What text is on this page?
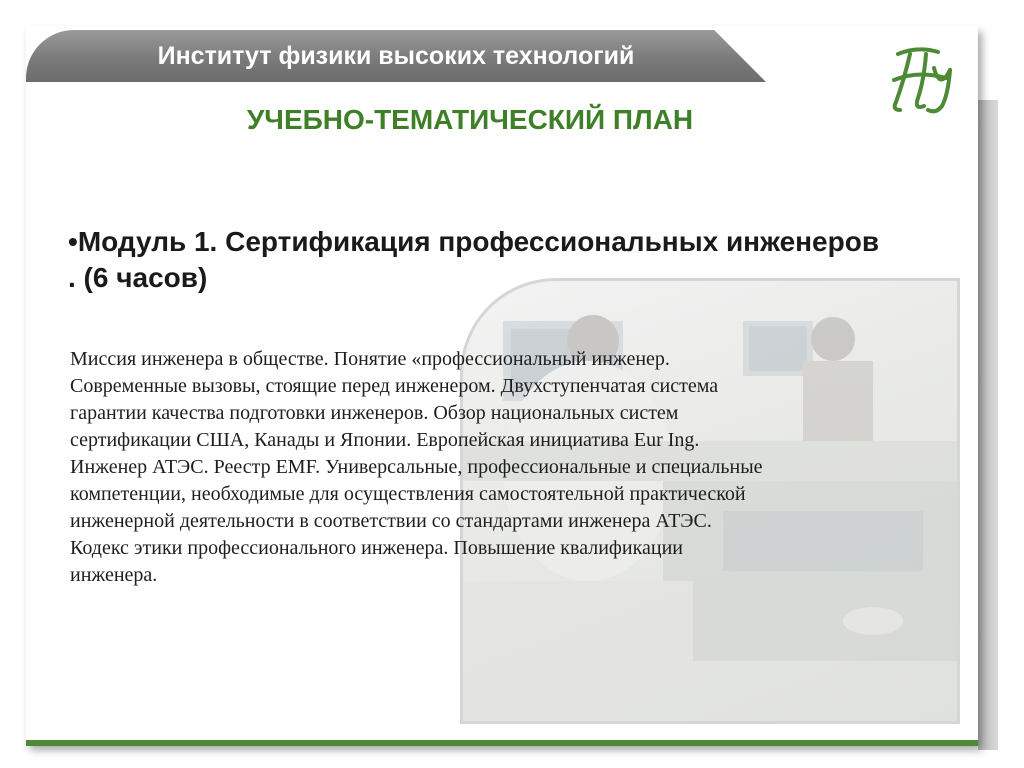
Институт физики высоких технологий
УЧЕБНО-ТЕМАТИЧЕСКИЙ ПЛАН
•Модуль 1. Сертификация профессиональных инженеров . (6 часов)
Миссия инженера в обществе. Понятие «профессиональный инженер.
Современные вызовы, стоящие перед инженером. Двухступенчатая система
гарантии качества подготовки инженеров. Обзор национальных систем
сертификации США, Канады и Японии. Европейская инициатива Eur Ing.
Инженер АТЭС. Реестр EMF. Универсальные, профессиональные и специальные
компетенции, необходимые для осуществления самостоятельной практической
инженерной деятельности в соответствии со стандартами инженера АТЭС.
Кодекс этики профессионального инженера. Повышение квалификации
инженера.
